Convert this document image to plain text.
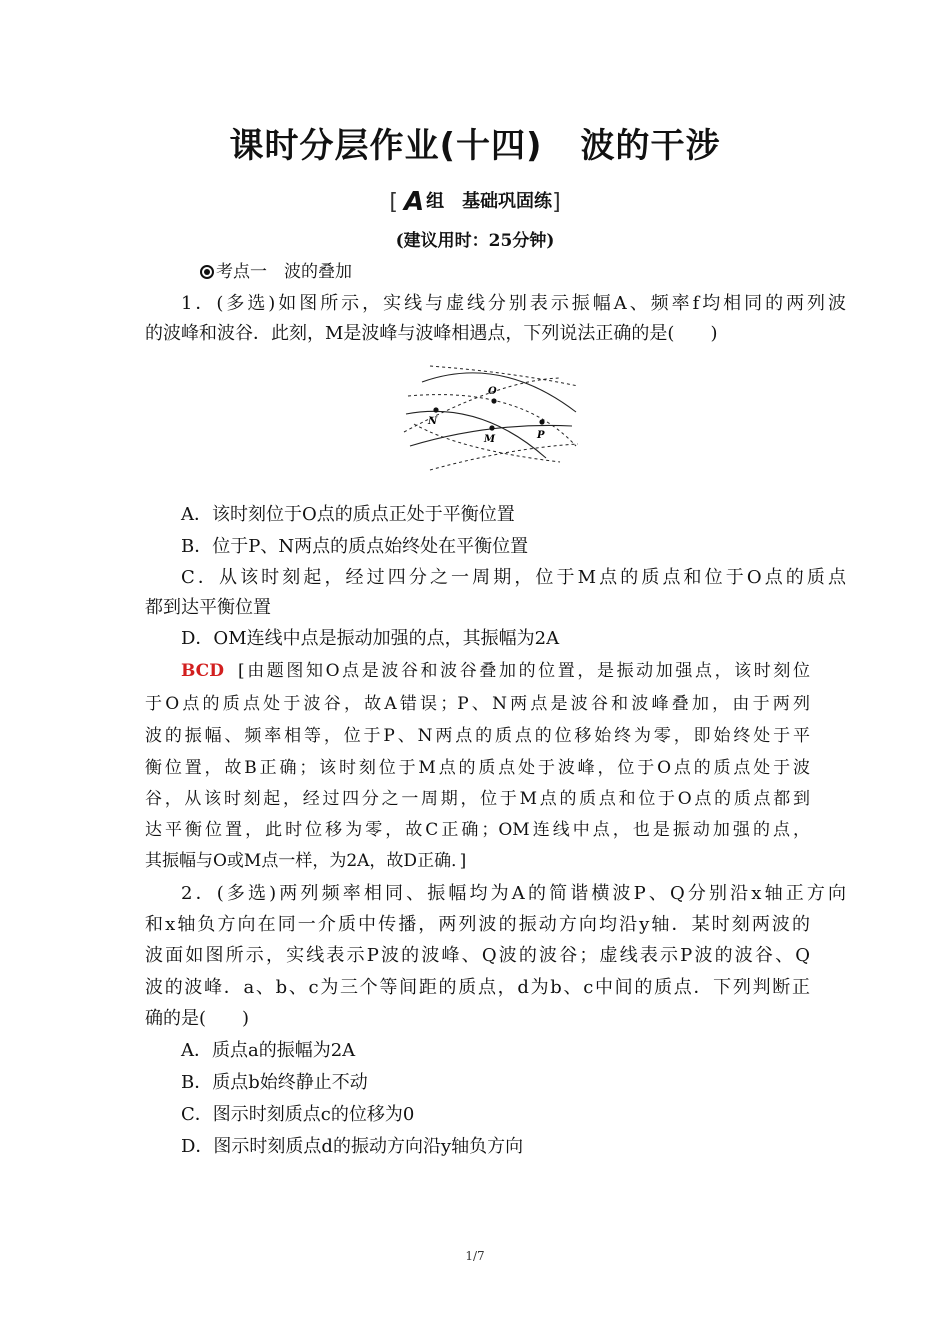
课时分层作业(十四) 波的干涉
[ A 组 基础巩固练]
(建议用时：25分钟)
考点一　波的叠加
1．(多选)如图所示，实线与虚线分别表示振幅A、频率f均相同的两列波
的波峰和波谷．此刻，M是波峰与波峰相遇点，下列说法正确的是(　　)
O
N
M	P
A．该时刻位于O点的质点正处于平衡位置
B．位于P、N两点的质点始终处在平衡位置
C．从该时刻起，经过四分之一周期，位于M点的质点和位于O点的质点
都到达平衡位置
D．OM连线中点是振动加强的点，其振幅为2A
BCD [由题图知O点是波谷和波谷叠加的位置，是振动加强点，该时刻位
于O点的质点处于波谷，故A错误；P、N两点是波谷和波峰叠加，由于两列
波的振幅、频率相等，位于P、N两点的质点的位移始终为零，即始终处于平
衡位置，故B正确；该时刻位于M点的质点处于波峰，位于O点的质点处于波
谷，从该时刻起，经过四分之一周期，位于M点的质点和位于O点的质点都到
达平衡位置，此时位移为零，故C正确；OM连线中点，也是振动加强的点，
其振幅与O或M点一样，为2A，故D正确．]
2．(多选)两列频率相同、振幅均为A的简谐横波P、Q分别沿x轴正方向
和x轴负方向在同一介质中传播，两列波的振动方向均沿y轴．某时刻两波的
波面如图所示，实线表示P波的波峰、Q波的波谷；虚线表示P波的波谷、Q
波的波峰．a、b、c为三个等间距的质点，d为b、c中间的质点．下列判断正
确的是(　　)
A．质点a的振幅为2A
B．质点b始终静止不动
C．图示时刻质点c的位移为0
D．图示时刻质点d的振动方向沿y轴负方向
1/7
